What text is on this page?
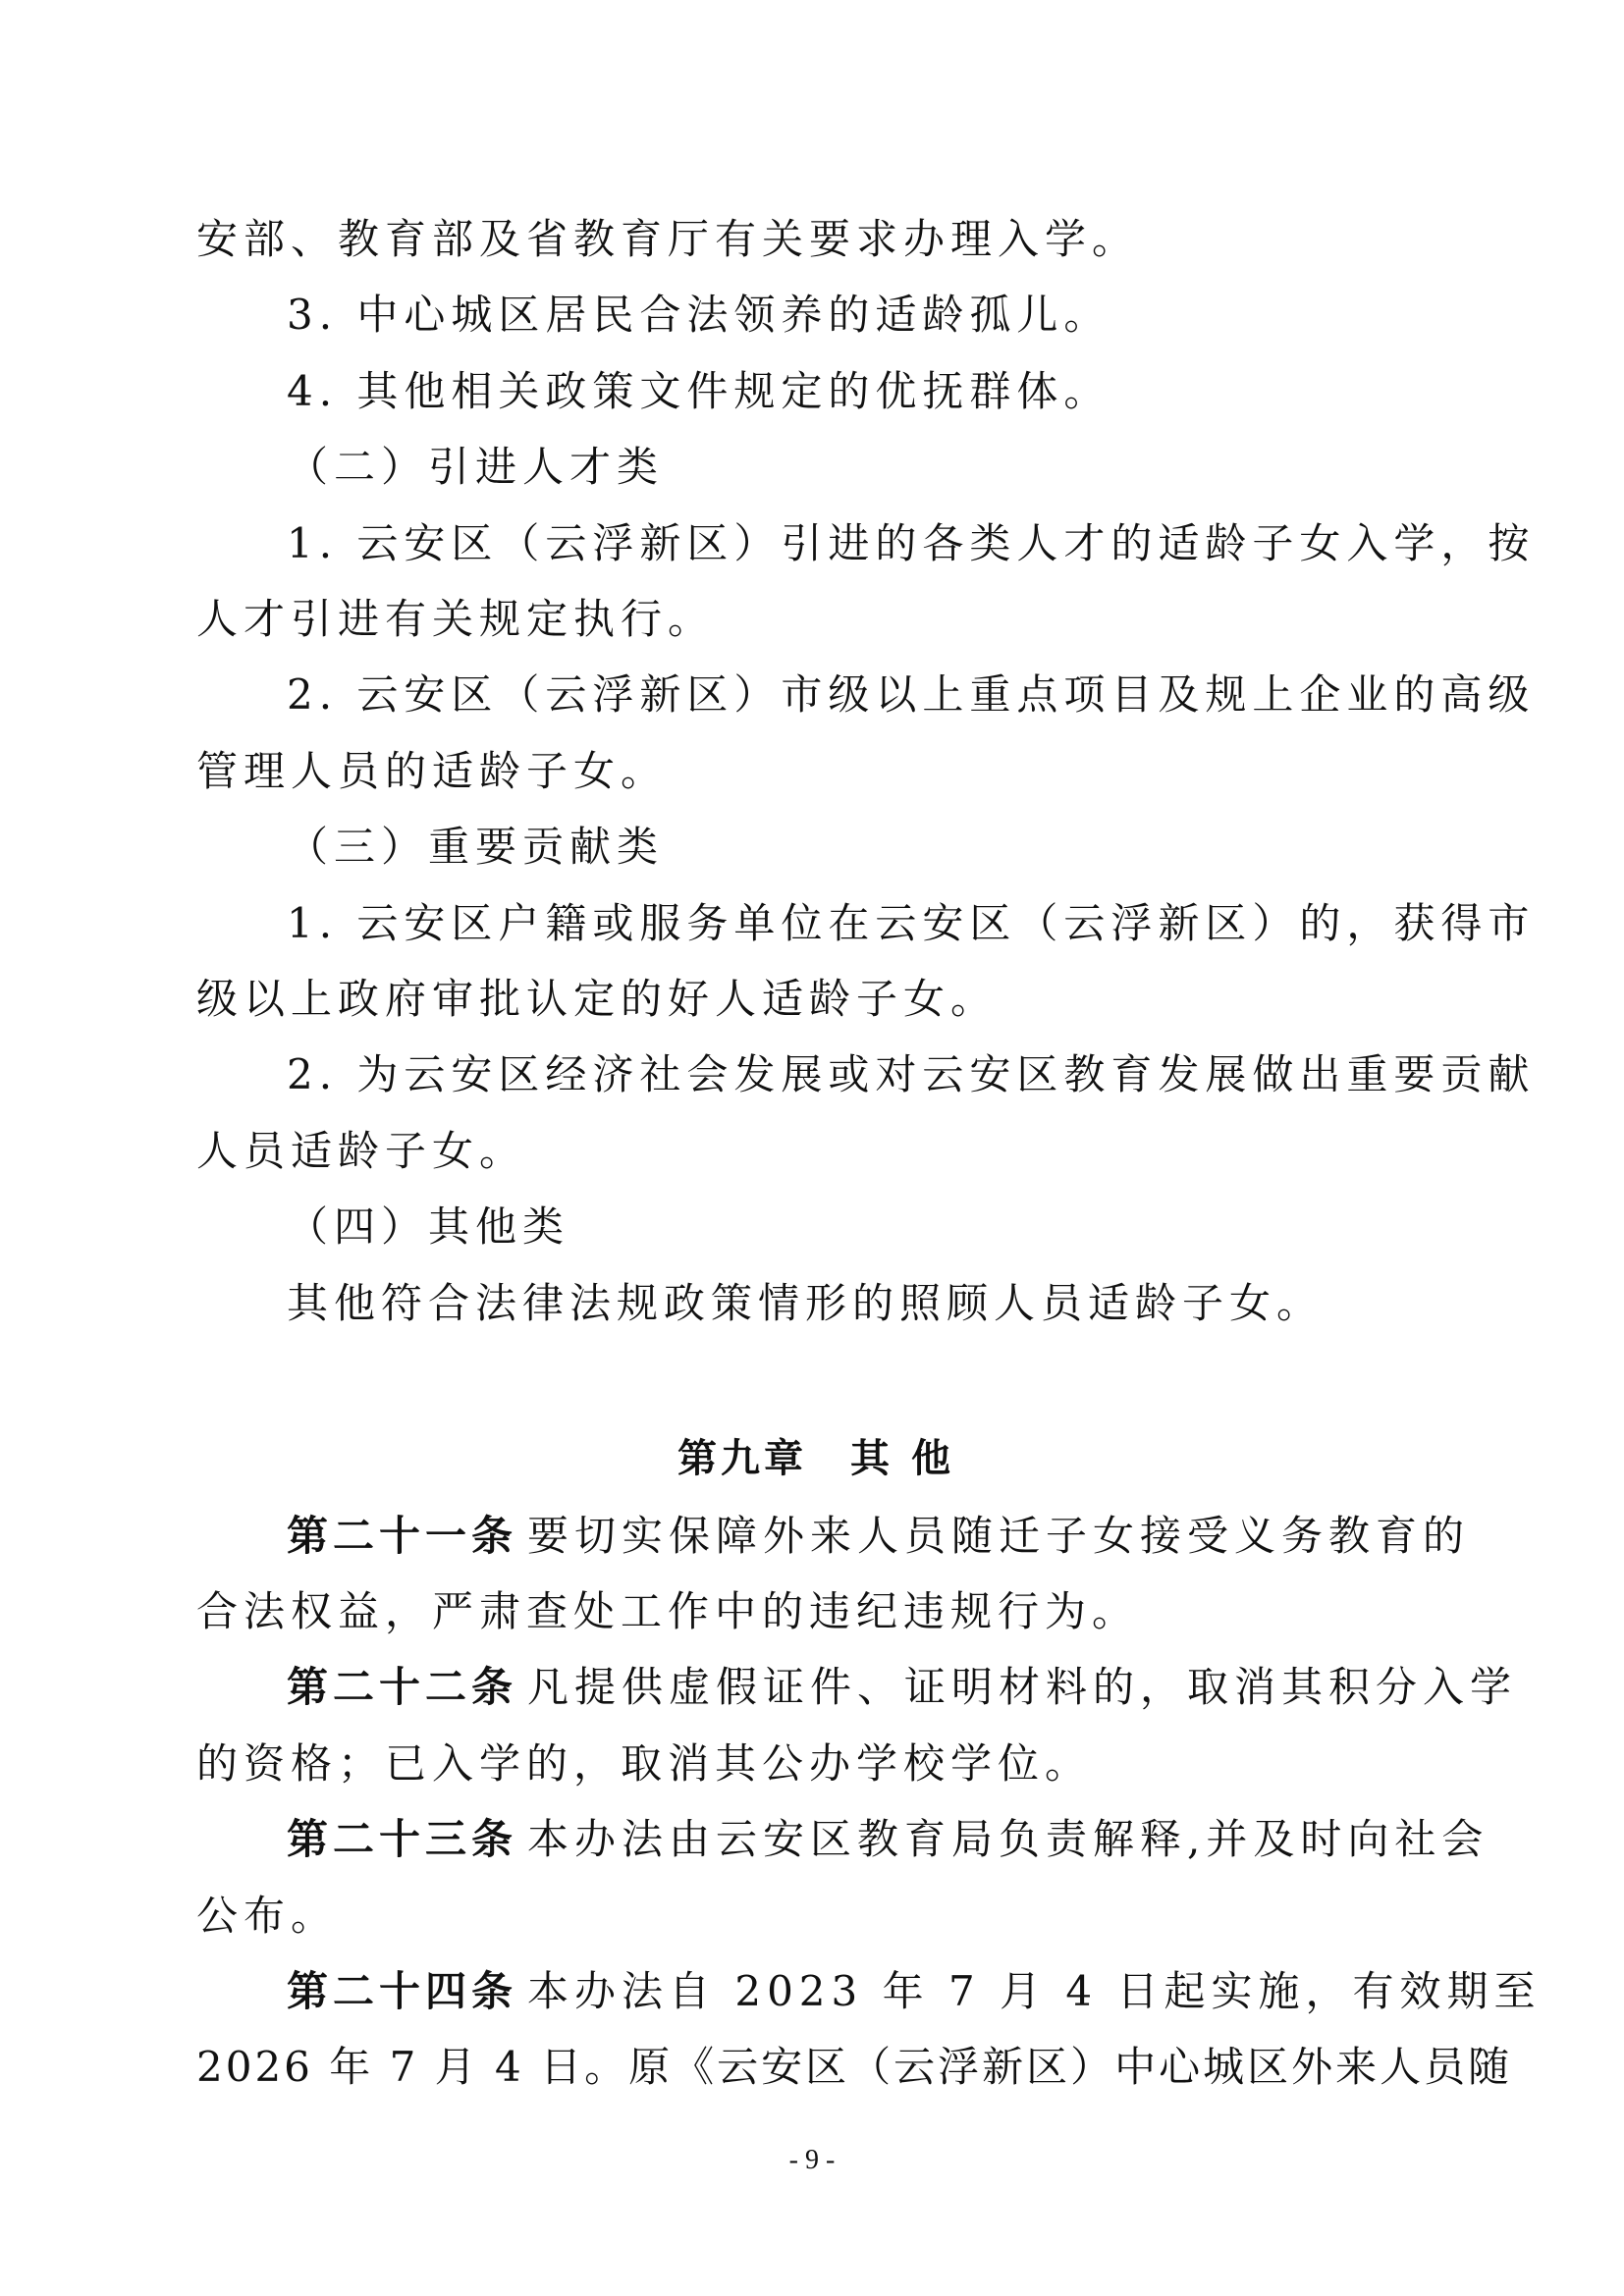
安部、教育部及省教育厅有关要求办理入学。

3. 中心城区居民合法领养的适龄孤儿。

4. 其他相关政策文件规定的优抚群体。

（二）引进人才类

1. 云安区（云浮新区）引进的各类人才的适龄子女入学，按

人才引进有关规定执行。

2. 云安区（云浮新区）市级以上重点项目及规上企业的高级

管理人员的适龄子女。

（三）重要贡献类

1. 云安区户籍或服务单位在云安区（云浮新区）的，获得市

级以上政府审批认定的好人适龄子女。

2. 为云安区经济社会发展或对云安区教育发展做出重要贡献

人员适龄子女。

（四）其他类

其他符合法律法规政策情形的照顾人员适龄子女。

第九章 其 他

第二十一条 要切实保障外来人员随迁子女接受义务教育的

合法权益，严肃查处工作中的违纪违规行为。

第二十二条 凡提供虚假证件、证明材料的，取消其积分入学

的资格；已入学的，取消其公办学校学位。

第二十三条 本办法由云安区教育局负责解释,并及时向社会

公布。

第二十四条 本办法自 2023 年 7 月 4 日起实施，有效期至

2026 年 7 月 4 日。原《云安区（云浮新区）中心城区外来人员随

- 9 -
